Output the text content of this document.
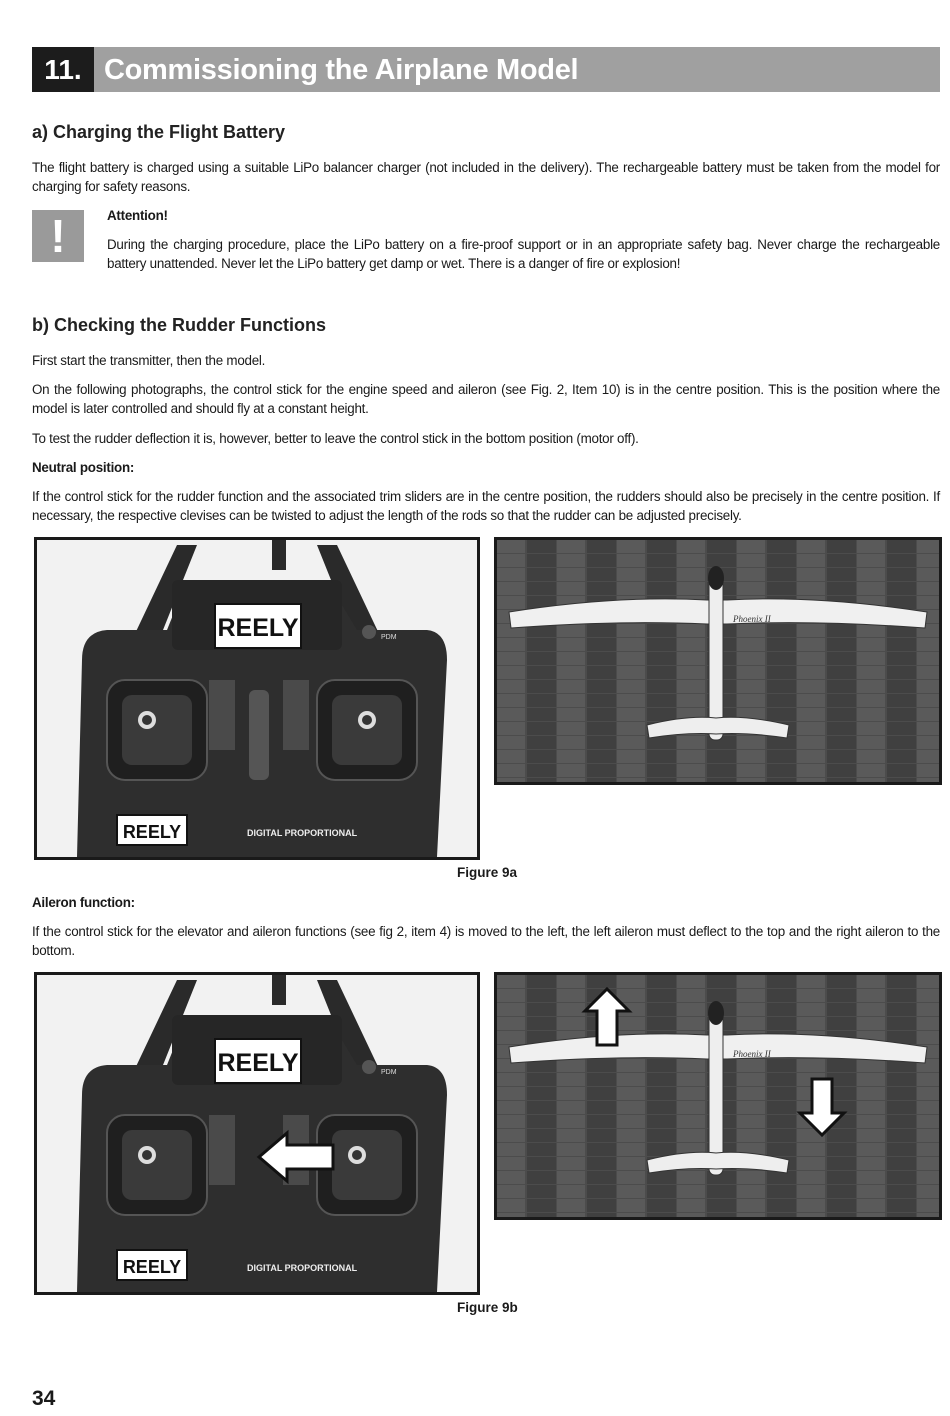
11. Commissioning the Airplane Model
a) Charging the Flight Battery

The flight battery is charged using a suitable LiPo balancer charger (not included in the delivery). The rechargeable battery must be taken from the model for charging for safety reasons.

!	Attention!

During the charging procedure, place the LiPo battery on a fire-proof support or in an appropriate safety bag. Never charge the rechargeable battery unattended. Never let the LiPo battery get damp or wet. There is a danger of fire or explosion!

b) Checking the Rudder Functions

First start the transmitter, then the model.

On the following photographs, the control stick for the engine speed and aileron (see Fig. 2, Item 10) is in the centre position. This is the position where the model is later controlled and should fly at a constant height.

To test the rudder deflection it is, however, better to leave the control stick in the bottom position (motor off).

Neutral position:

If the control stick for the rudder function and the associated trim sliders are in the centre position, the rudders should also be precisely in the centre position. If necessary, the respective clevises can be twisted to adjust the length of the rods so that the rudder can be adjusted precisely.

REELY	PDM
REELY	DIGITAL PROPORTIONAL
Phoenix II
Figure 9a

Aileron function:

If the control stick for the elevator and aileron functions (see fig 2, item 4) is moved to the left, the left aileron must deflect to the top and the right aileron to the bottom.

REELY	PDM
REELY	DIGITAL PROPORTIONAL
Phoenix II
Figure 9b
34
